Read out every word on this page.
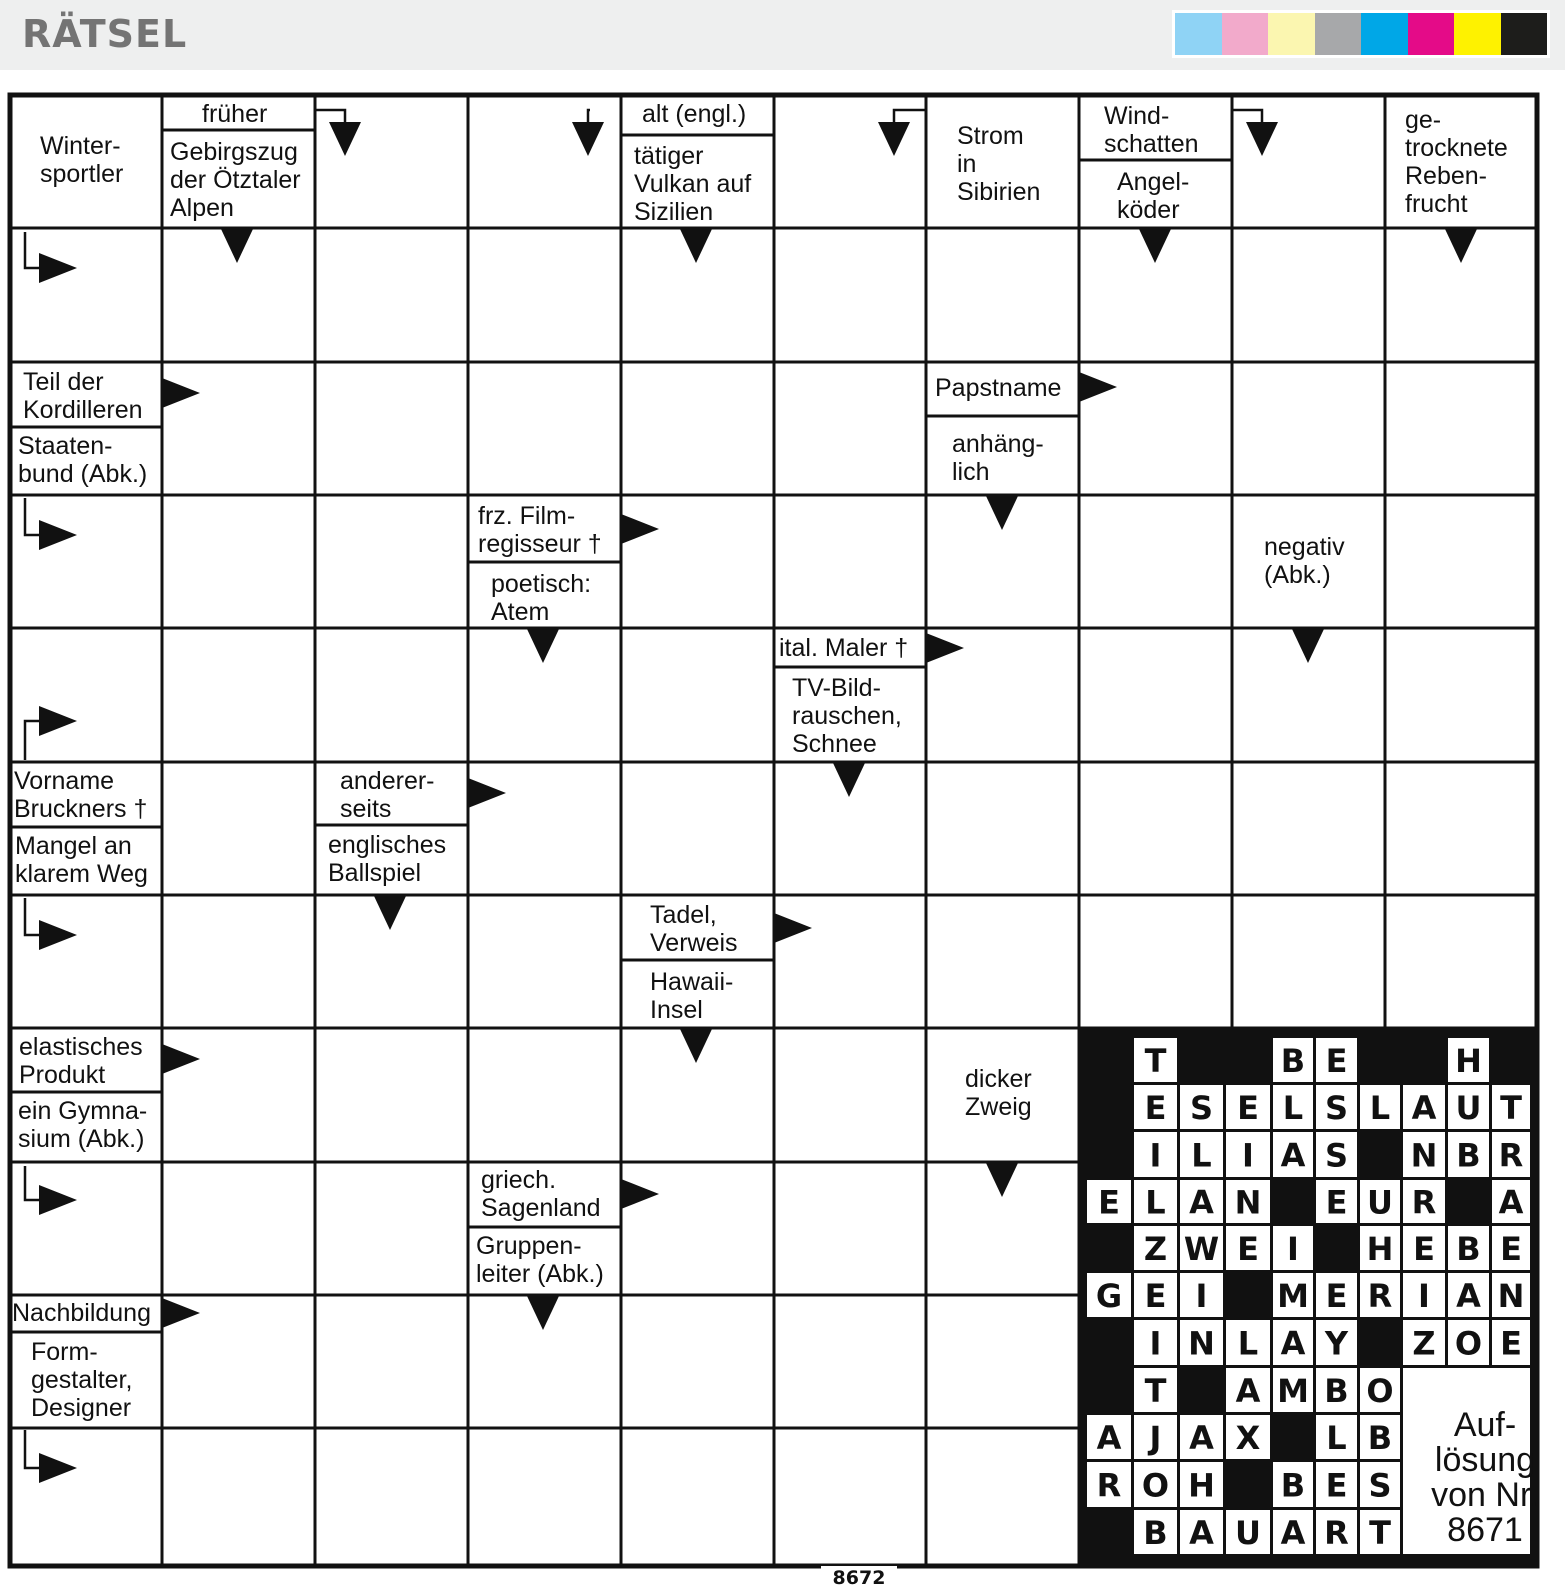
RÄTSEL
T	B E	H
E S E L S L A U T
I L I A S N B R
E L A N E U R A
Z W E I H E B E
G E I M E R I A N
I N L A Y Z O E
T A M B O
A J A X L B
R O H B E S
B A U A R T
Winter-
sportler
früher
Gebirgszug
der Ötztaler
Alpen
alt (engl.)
tätiger
Vulkan auf
Sizilien
Strom
in
Sibirien
Wind-
schatten
Angel-
köder
ge-
trocknete
Reben-
frucht
Teil der
Kordilleren
Staaten-
bund (Abk.)
Papstname
anhäng-
lich
frz. Film-
regisseur †
poetisch:
Atem
negativ
(Abk.)
ital. Maler †
TV-Bild-
rauschen,
Schnee
Vorname
Bruckners †
Mangel an
klarem Weg
anderer-
seits
englisches
Ballspiel
Tadel,
Verweis
Hawaii-
Insel
elastisches
Produkt
ein Gymna-
sium (Abk.)
dicker
Zweig
griech.
Sagenland
Gruppen-
leiter (Abk.)
Nachbildung
Form-
gestalter,
Designer	Auf-
lösung
von Nr.
8671
8672
